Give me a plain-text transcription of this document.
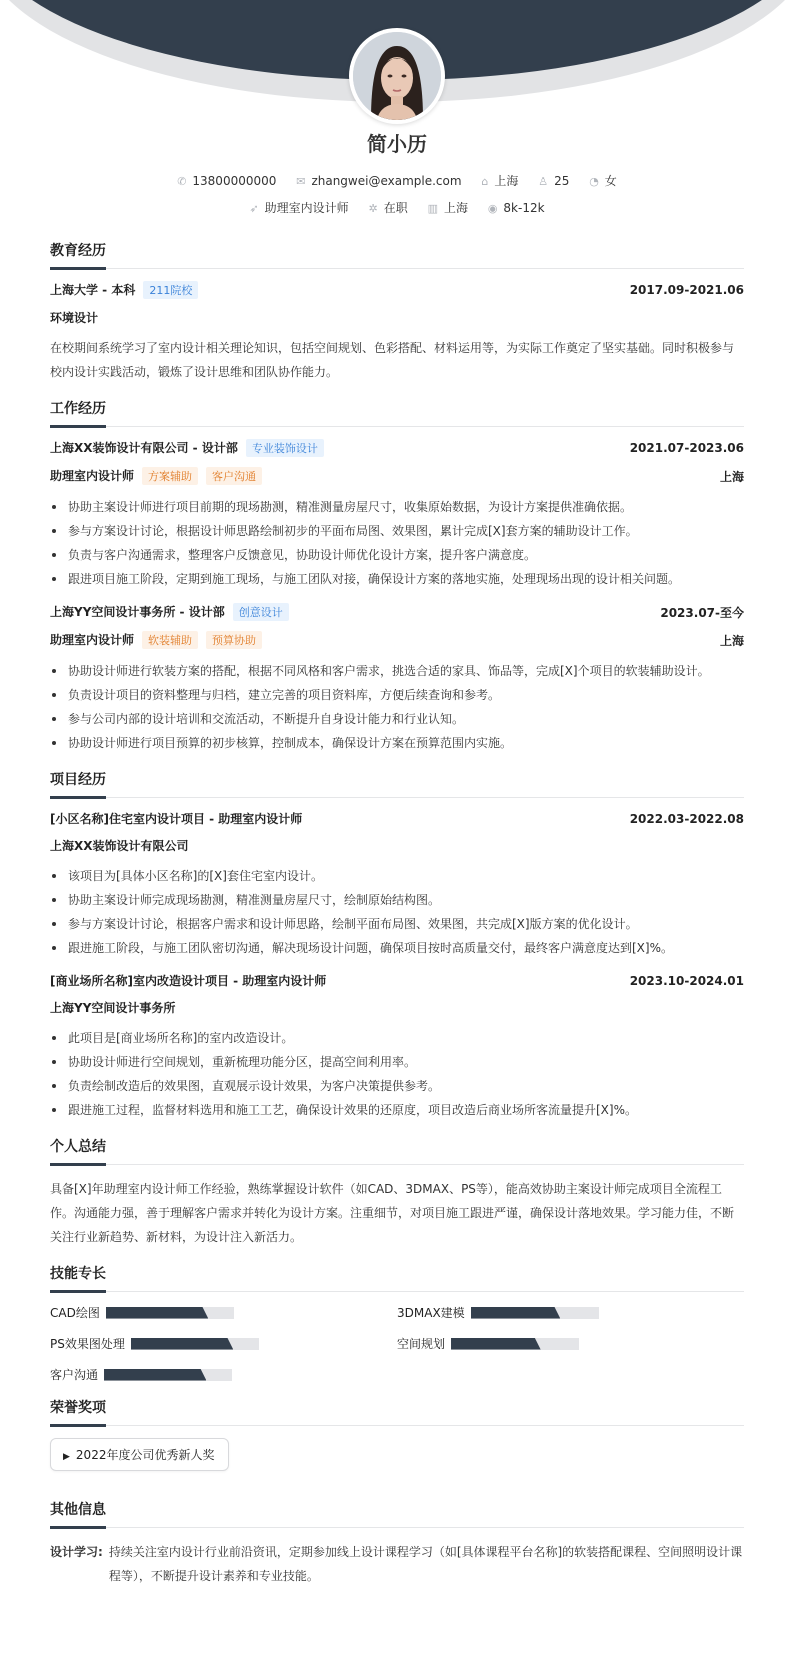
简小历
✆ 13800000000 ✉ zhangwei@example.com ⌂ 上海 ♙ 25 ◔ 女
➶ 助理室内设计师 ✲ 在职 ▥ 上海 ◉ 8k-12k
教育经历
上海大学 - 本科 211院校	2017.09-2021.06
环境设计
在校期间系统学习了室内设计相关理论知识，包括空间规划、色彩搭配、材料运用等，为实际工作奠定了坚实基础。同时积极参与校内设计实践活动，锻炼了设计思维和团队协作能力。
工作经历
上海XX装饰设计有限公司 - 设计部 专业装饰设计	2021.07-2023.06
助理室内设计师 方案辅助 客户沟通	上海
协助主案设计师进行项目前期的现场勘测，精准测量房屋尺寸，收集原始数据，为设计方案提供准确依据。
参与方案设计讨论，根据设计师思路绘制初步的平面布局图、效果图，累计完成[X]套方案的辅助设计工作。
负责与客户沟通需求，整理客户反馈意见，协助设计师优化设计方案，提升客户满意度。
跟进项目施工阶段，定期到施工现场，与施工团队对接，确保设计方案的落地实施，处理现场出现的设计相关问题。
上海YY空间设计事务所 - 设计部 创意设计	2023.07-至今
助理室内设计师 软装辅助 预算协助	上海
协助设计师进行软装方案的搭配，根据不同风格和客户需求，挑选合适的家具、饰品等，完成[X]个项目的软装辅助设计。
负责设计项目的资料整理与归档，建立完善的项目资料库，方便后续查询和参考。
参与公司内部的设计培训和交流活动，不断提升自身设计能力和行业认知。
协助设计师进行项目预算的初步核算，控制成本，确保设计方案在预算范围内实施。
项目经历
[小区名称]住宅室内设计项目 - 助理室内设计师	2022.03-2022.08
上海XX装饰设计有限公司
该项目为[具体小区名称]的[X]套住宅室内设计。
协助主案设计师完成现场勘测，精准测量房屋尺寸，绘制原始结构图。
参与方案设计讨论，根据客户需求和设计师思路，绘制平面布局图、效果图，共完成[X]版方案的优化设计。
跟进施工阶段，与施工团队密切沟通，解决现场设计问题，确保项目按时高质量交付，最终客户满意度达到[X]%。
[商业场所名称]室内改造设计项目 - 助理室内设计师	2023.10-2024.01
上海YY空间设计事务所
此项目是[商业场所名称]的室内改造设计。
协助设计师进行空间规划，重新梳理功能分区，提高空间利用率。
负责绘制改造后的效果图，直观展示设计效果，为客户决策提供参考。
跟进施工过程，监督材料选用和施工工艺，确保设计效果的还原度，项目改造后商业场所客流量提升[X]%。
个人总结
具备[X]年助理室内设计师工作经验，熟练掌握设计软件（如CAD、3DMAX、PS等），能高效协助主案设计师完成项目全流程工作。沟通能力强，善于理解客户需求并转化为设计方案。注重细节，对项目施工跟进严谨，确保设计落地效果。学习能力佳，不断关注行业新趋势、新材料，为设计注入新活力。
技能专长
CAD绘图	3DMAX建模
PS效果图处理	空间规划
客户沟通
荣誉奖项
▶ 2022年度公司优秀新人奖
其他信息
设计学习: 持续关注室内设计行业前沿资讯，定期参加线上设计课程学习（如[具体课程平台名称]的软装搭配课程、空间照明设计课程等），不断提升设计素养和专业技能。
